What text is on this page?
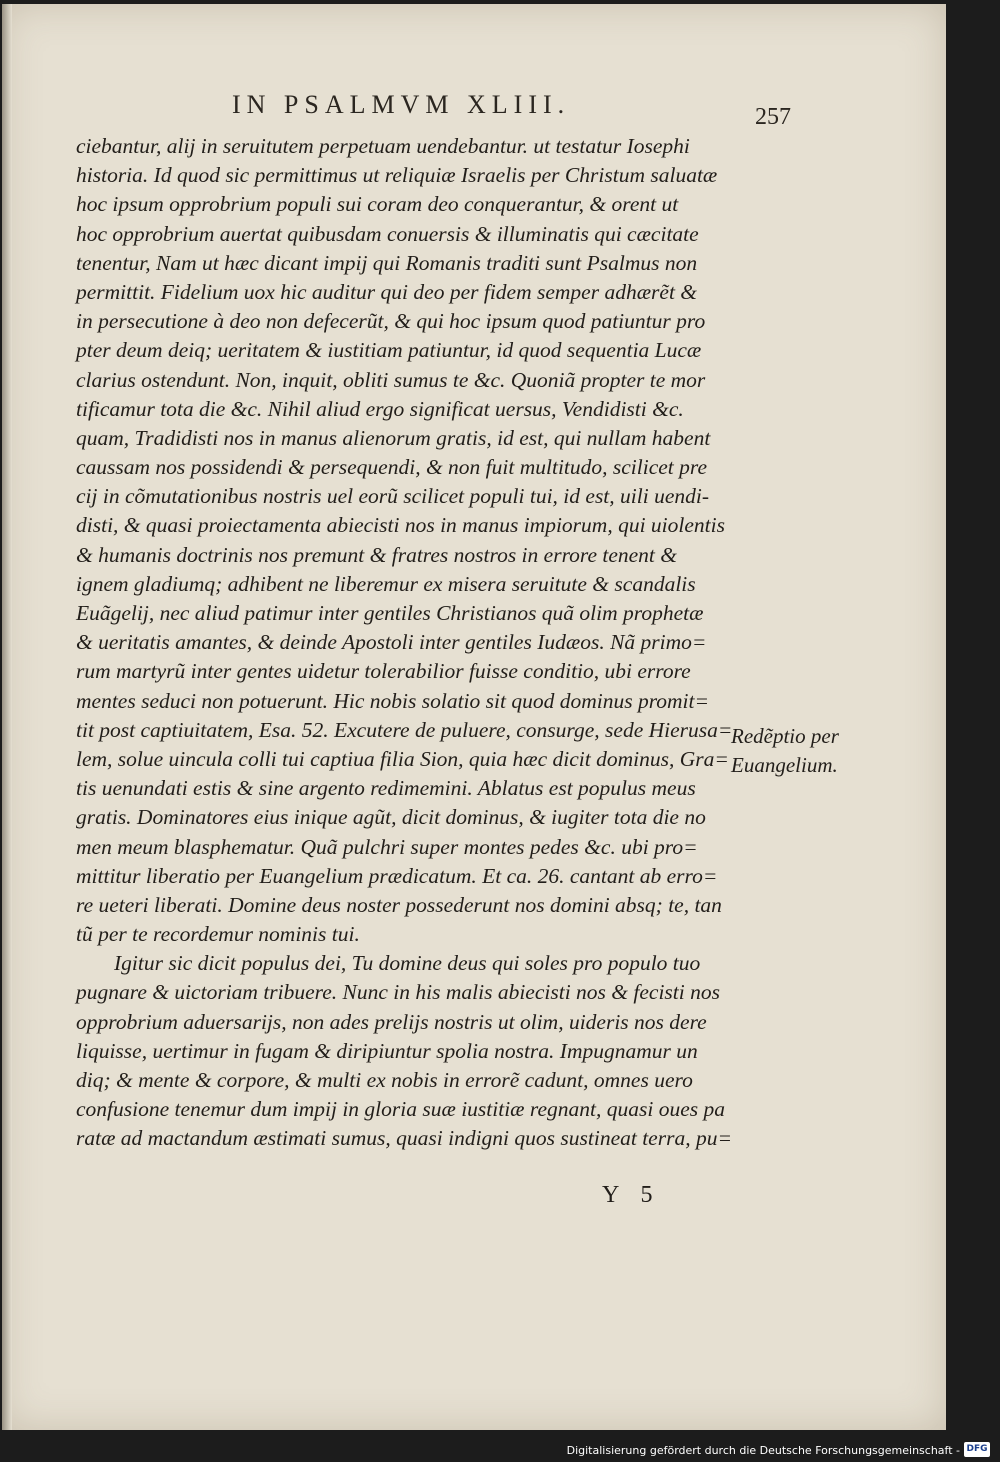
IN PSALMVM XLIII.	257
ciebantur, alij in seruitutem perpetuam uendebantur. ut testatur Iosephi
historia. Id quod sic permittimus ut reliquiæ Israelis per Christum saluatæ
hoc ipsum opprobrium populi sui coram deo conquerantur, & orent ut
hoc opprobrium auertat quibusdam conuersis & illuminatis qui cæcitate
tenentur, Nam ut hæc dicant impij qui Romanis traditi sunt Psalmus non
permittit. Fidelium uox hic auditur qui deo per fidem semper adhærẽt &
in persecutione à deo non defecerũt, & qui hoc ipsum quod patiuntur pro
pter deum deiq; ueritatem & iustitiam patiuntur, id quod sequentia Lucæ
clarius ostendunt. Non, inquit, obliti sumus te &c. Quoniã propter te mor
tificamur tota die &c. Nihil aliud ergo significat uersus, Vendidisti &c.
quam, Tradidisti nos in manus alienorum gratis, id est, qui nullam habent
caussam nos possidendi & persequendi, & non fuit multitudo, scilicet pre
cij in cõmutationibus nostris uel eorũ scilicet populi tui, id est, uili uendi-
disti, & quasi proiectamenta abiecisti nos in manus impiorum, qui uiolentis
& humanis doctrinis nos premunt & fratres nostros in errore tenent &
ignem gladiumq; adhibent ne liberemur ex misera seruitute & scandalis
Euãgelij, nec aliud patimur inter gentiles Christianos quã olim prophetæ
& ueritatis amantes, & deinde Apostoli inter gentiles Iudæos. Nã primo=
rum martyrũ inter gentes uidetur tolerabilior fuisse conditio, ubi errore
mentes seduci non potuerunt. Hic nobis solatio sit quod dominus promit=
tit post captiuitatem, Esa. 52. Excutere de puluere, consurge, sede Hierusa=
lem, solue uincula colli tui captiua filia Sion, quia hæc dicit dominus, Gra=
tis uenundati estis & sine argento redimemini. Ablatus est populus meus
gratis. Dominatores eius inique agũt, dicit dominus, & iugiter tota die no
men meum blasphematur. Quã pulchri super montes pedes &c. ubi pro=
mittitur liberatio per Euangelium prædicatum. Et ca. 26. cantant ab erro=
re ueteri liberati. Domine deus noster possederunt nos domini absq; te, tan
tũ per te recordemur nominis tui.
Igitur sic dicit populus dei, Tu domine deus qui soles pro populo tuo
pugnare & uictoriam tribuere. Nunc in his malis abiecisti nos & fecisti nos
opprobrium aduersarijs, non ades prelijs nostris ut olim, uideris nos dere
liquisse, uertimur in fugam & diripiuntur spolia nostra. Impugnamur un
diq; & mente & corpore, & multi ex nobis in errorẽ cadunt, omnes uero
confusione tenemur dum impij in gloria suæ iustitiæ regnant, quasi oues pa
ratæ ad mactandum æstimati sumus, quasi indigni quos sustineat terra, pu=
Redẽptio per
Euangelium.
Y 5
Digitalisierung gefördert durch die Deutsche Forschungsgemeinschaft - DFG
